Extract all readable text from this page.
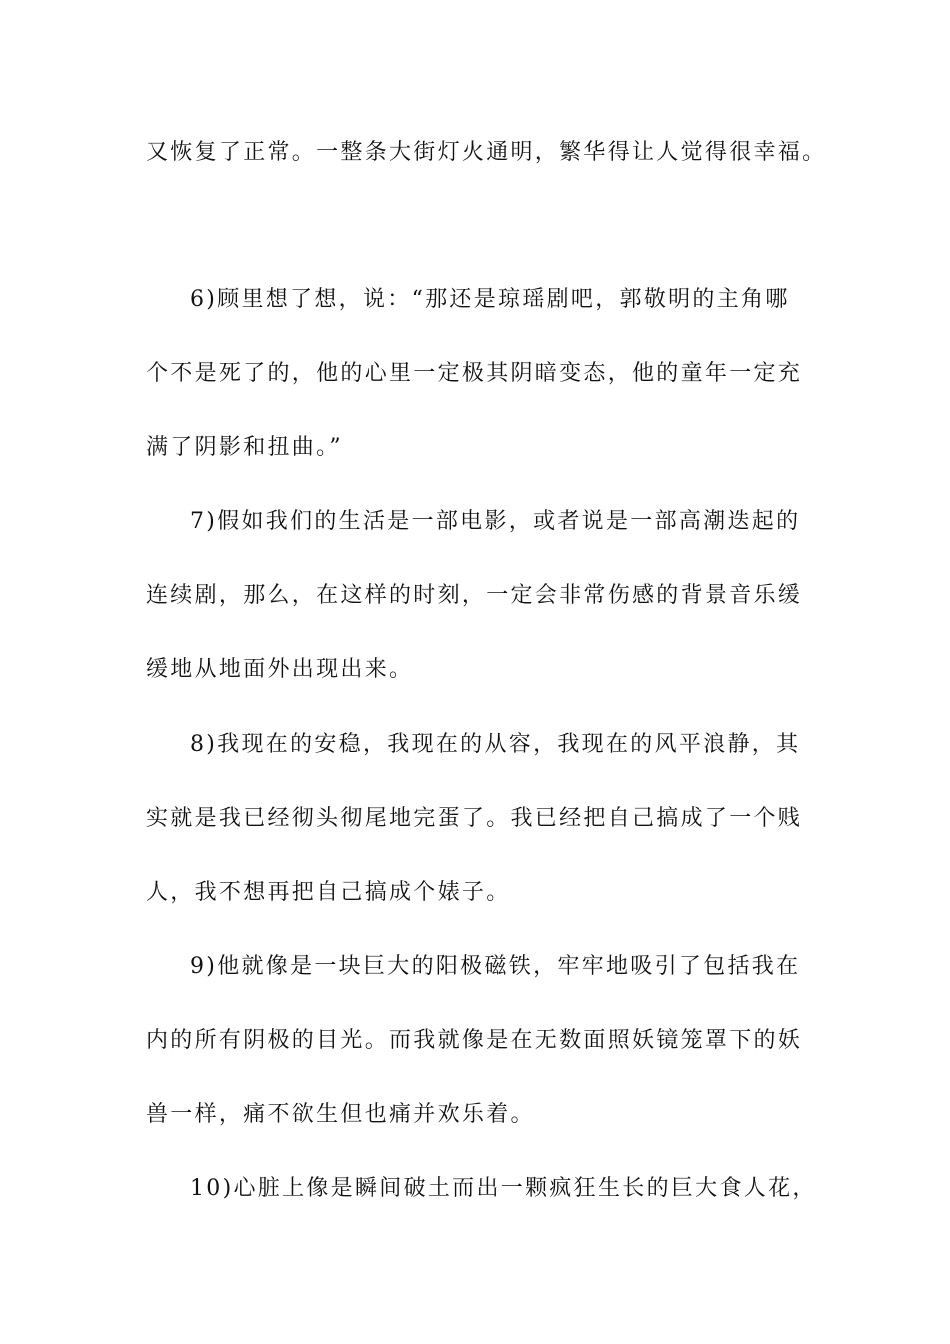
又恢复了正常。一整条大街灯火通明，繁华得让人觉得很幸福。
6)顾里想了想，说：“那还是琼瑶剧吧，郭敬明的主角哪
个不是死了的，他的心里一定极其阴暗变态，他的童年一定充
满了阴影和扭曲。”
7)假如我们的生活是一部电影，或者说是一部高潮迭起的
连续剧，那么，在这样的时刻，一定会非常伤感的背景音乐缓
缓地从地面外出现出来。
8)我现在的安稳，我现在的从容，我现在的风平浪静，其
实就是我已经彻头彻尾地完蛋了。我已经把自己搞成了一个贱
人，我不想再把自己搞成个婊子。
9)他就像是一块巨大的阳极磁铁，牢牢地吸引了包括我在
内的所有阴极的目光。而我就像是在无数面照妖镜笼罩下的妖
兽一样，痛不欲生但也痛并欢乐着。
10)心脏上像是瞬间破土而出一颗疯狂生长的巨大食人花，
